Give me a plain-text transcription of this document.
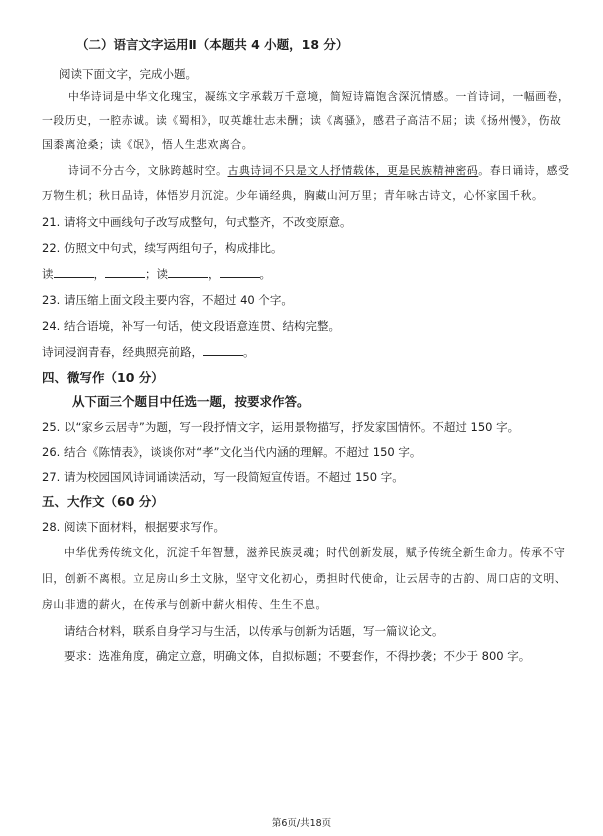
（二）语言文字运用Ⅱ（本题共 4 小题，18 分）
阅读下面文字，完成小题。
中华诗词是中华文化瑰宝，凝练文字承载万千意境，简短诗篇饱含深沉情感。一首诗词，一幅画卷，
一段历史，一腔赤诚。读《蜀相》，叹英雄壮志未酬；读《离骚》，感君子高洁不屈；读《扬州慢》，伤故
国黍离沧桑；读《氓》，悟人生悲欢离合。
诗词不分古今，文脉跨越时空。古典诗词不只是文人抒情载体，更是民族精神密码。春日诵诗，感受
万物生机；秋日品诗，体悟岁月沉淀。少年诵经典，胸藏山河万里；青年咏古诗文，心怀家国千秋。
21. 请将文中画线句子改写成整句，句式整齐，不改变原意。
22. 仿照文中句式，续写两组句子，构成排比。
读	，	；读	，	。
23. 请压缩上面文段主要内容，不超过 40 个字。
24. 结合语境，补写一句话，使文段语意连贯、结构完整。
诗词浸润青春，经典照亮前路，	。
四、微写作（10 分）
从下面三个题目中任选一题，按要求作答。
25. 以“家乡云居寺”为题，写一段抒情文字，运用景物描写，抒发家国情怀。不超过 150 字。
26. 结合《陈情表》，谈谈你对“孝”文化当代内涵的理解。不超过 150 字。
27. 请为校园国风诗词诵读活动，写一段简短宣传语。不超过 150 字。
五、大作文（60 分）
28. 阅读下面材料，根据要求写作。
中华优秀传统文化，沉淀千年智慧，滋养民族灵魂；时代创新发展，赋予传统全新生命力。传承不守
旧，创新不离根。立足房山乡土文脉，坚守文化初心，勇担时代使命，让云居寺的古韵、周口店的文明、
房山非遗的薪火，在传承与创新中薪火相传、生生不息。
请结合材料，联系自身学习与生活，以传承与创新为话题，写一篇议论文。
要求：选准角度，确定立意，明确文体，自拟标题；不要套作，不得抄袭；不少于 800 字。
第6页/共18页
